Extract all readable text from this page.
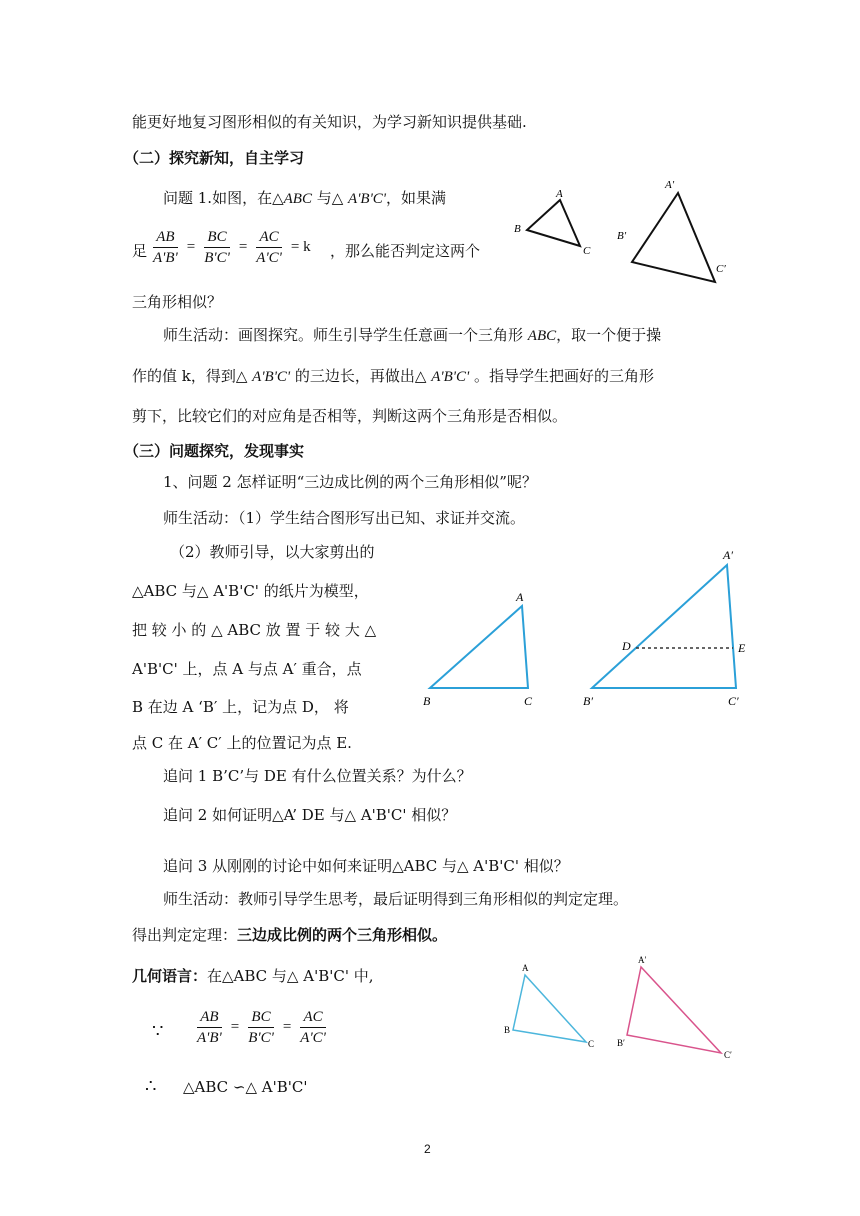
能更好地复习图形相似的有关知识，为学习新知识提供基础.
（二）探究新知，自主学习
问题 1.如图，在△ABC 与△ A'B'C'，如果满
足 $\frac{AB}{A'B'} = \frac{BC}{B'C'} = \frac{AC}{A'C'} = k$ ，那么能否判定这两个
三角形相似？
师生活动：画图探究。师生引导学生任意画一个三角形 ABC，取一个便于操
作的值 k，得到△ A'B'C' 的三边长，再做出△ A'B'C' 。指导学生把画好的三角形
剪下，比较它们的对应角是否相等，判断这两个三角形是否相似。
（三）问题探究，发现事实
1、问题 2 怎样证明“三边成比例的两个三角形相似”呢？
师生活动：（1）学生结合图形写出已知、求证并交流。
（2）教师引导，以大家剪出的
△ABC 与△ A'B'C' 的纸片为模型，
把 较 小 的 △ ABC 放 置 于 较 大 △
A'B'C' 上，点 A 与点 A′ 重合，点
B 在边 A ‘B′ 上，记为点 D， 将
点 C 在 A′ C′ 上的位置记为点 E.
追问 1 B’C’与 DE 有什么位置关系？为什么？
追问 2 如何证明△A’ DE 与△ A'B'C' 相似？
追问 3 从刚刚的讨论中如何来证明△ABC 与△ A'B'C' 相似？
师生活动：教师引导学生思考，最后证明得到三角形相似的判定定理。
得出判定定理：三边成比例的两个三角形相似。
几何语言：在△ABC 与△ A'B'C' 中,
∵ $\frac{AB}{A'B'} = \frac{BC}{B'C'} = \frac{AC}{A'C'}$
∴ △ABC ∽△ A'B'C'
2
A
B
C
A′
B′
C′
A
B	C
A′
B′	C′
D	E
A
B
C
A′
B′
C′
